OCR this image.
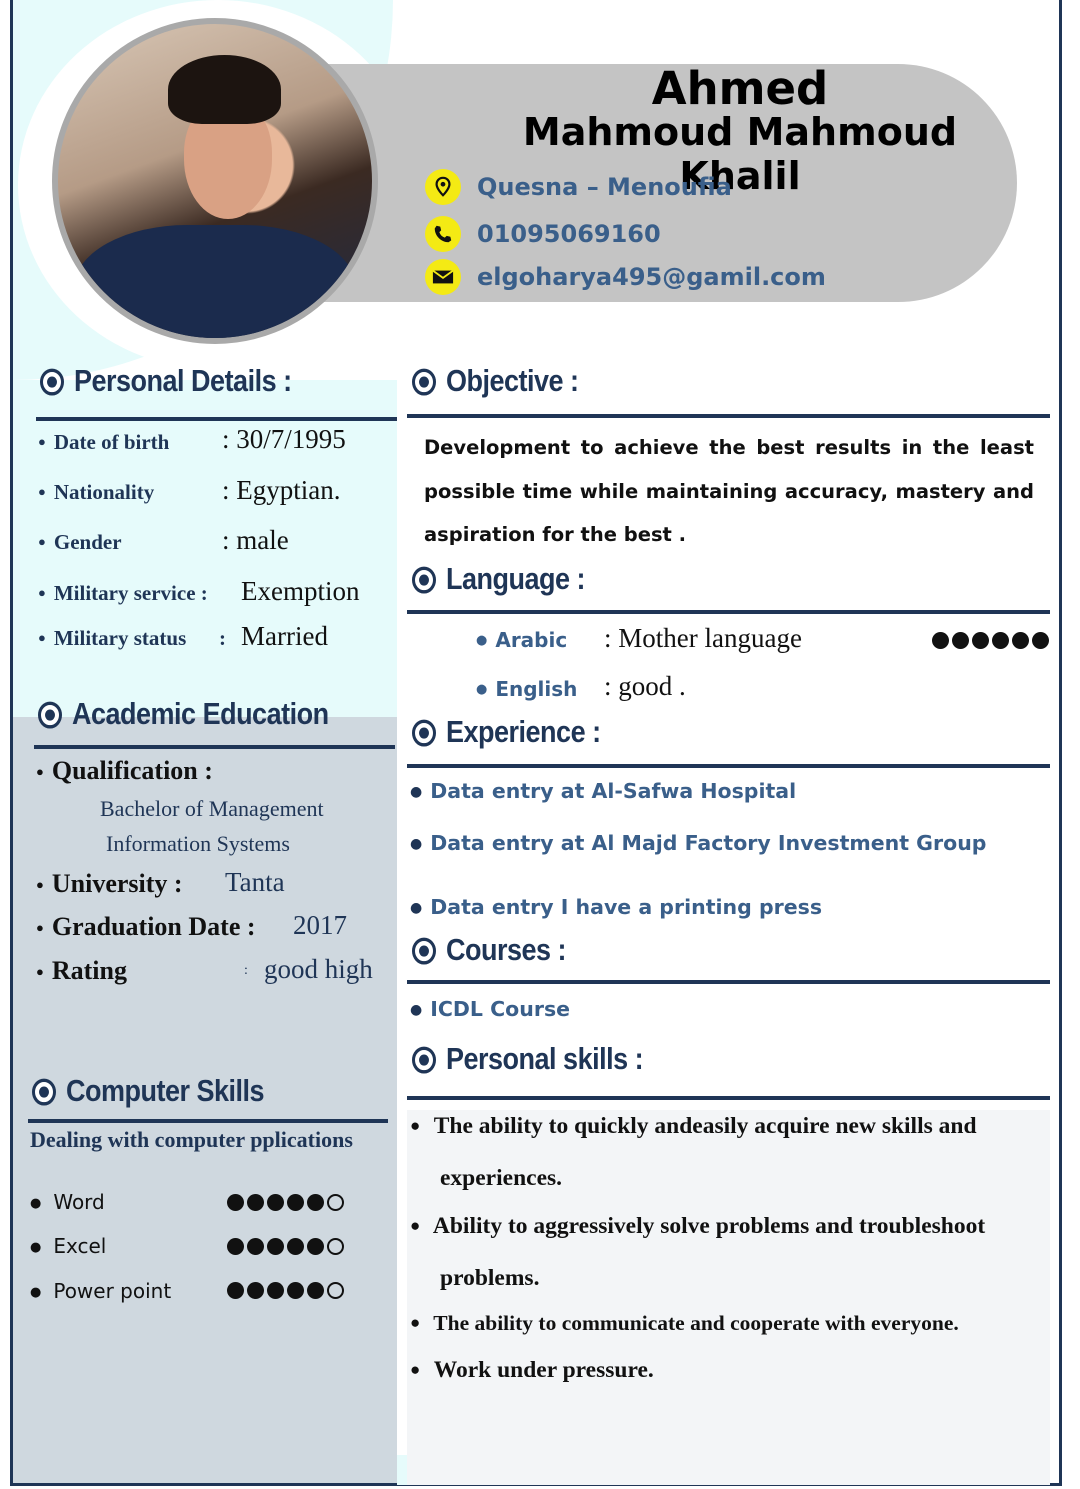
Ahmed
Mahmoud Mahmoud Khalil
Quesna – Menoufia
01095069160
elgoharya495@gamil.com
Personal Details :
● Date of birth : 30/7/1995
● Nationality	: Egyptian.
● Gender	: male
● Military service : Exemption
● Military status : Married
Academic Education
● Qualification :
Bachelor of Management
Information Systems
● University : Tanta
● Graduation Date : 2017
● Rating	: good high
Computer Skills
Dealing with computer pplications
● Word
● Excel
● Power point
Objective :
Development to achieve the best results in the least possible time while maintaining accuracy, mastery and aspiration for the best .
Language :
● Arabic : Mother language
● English : good .
Experience :
● Data entry at Al-Safwa Hospital
● Data entry at Al Majd Factory Investment Group
● Data entry I have a printing press
Courses :
● ICDL Course
Personal skills :
● The ability to quickly andeasily acquire new skills and
experiences.
● Ability to aggressively solve problems and troubleshoot
problems.
● The ability to communicate and cooperate with everyone.
● Work under pressure.
